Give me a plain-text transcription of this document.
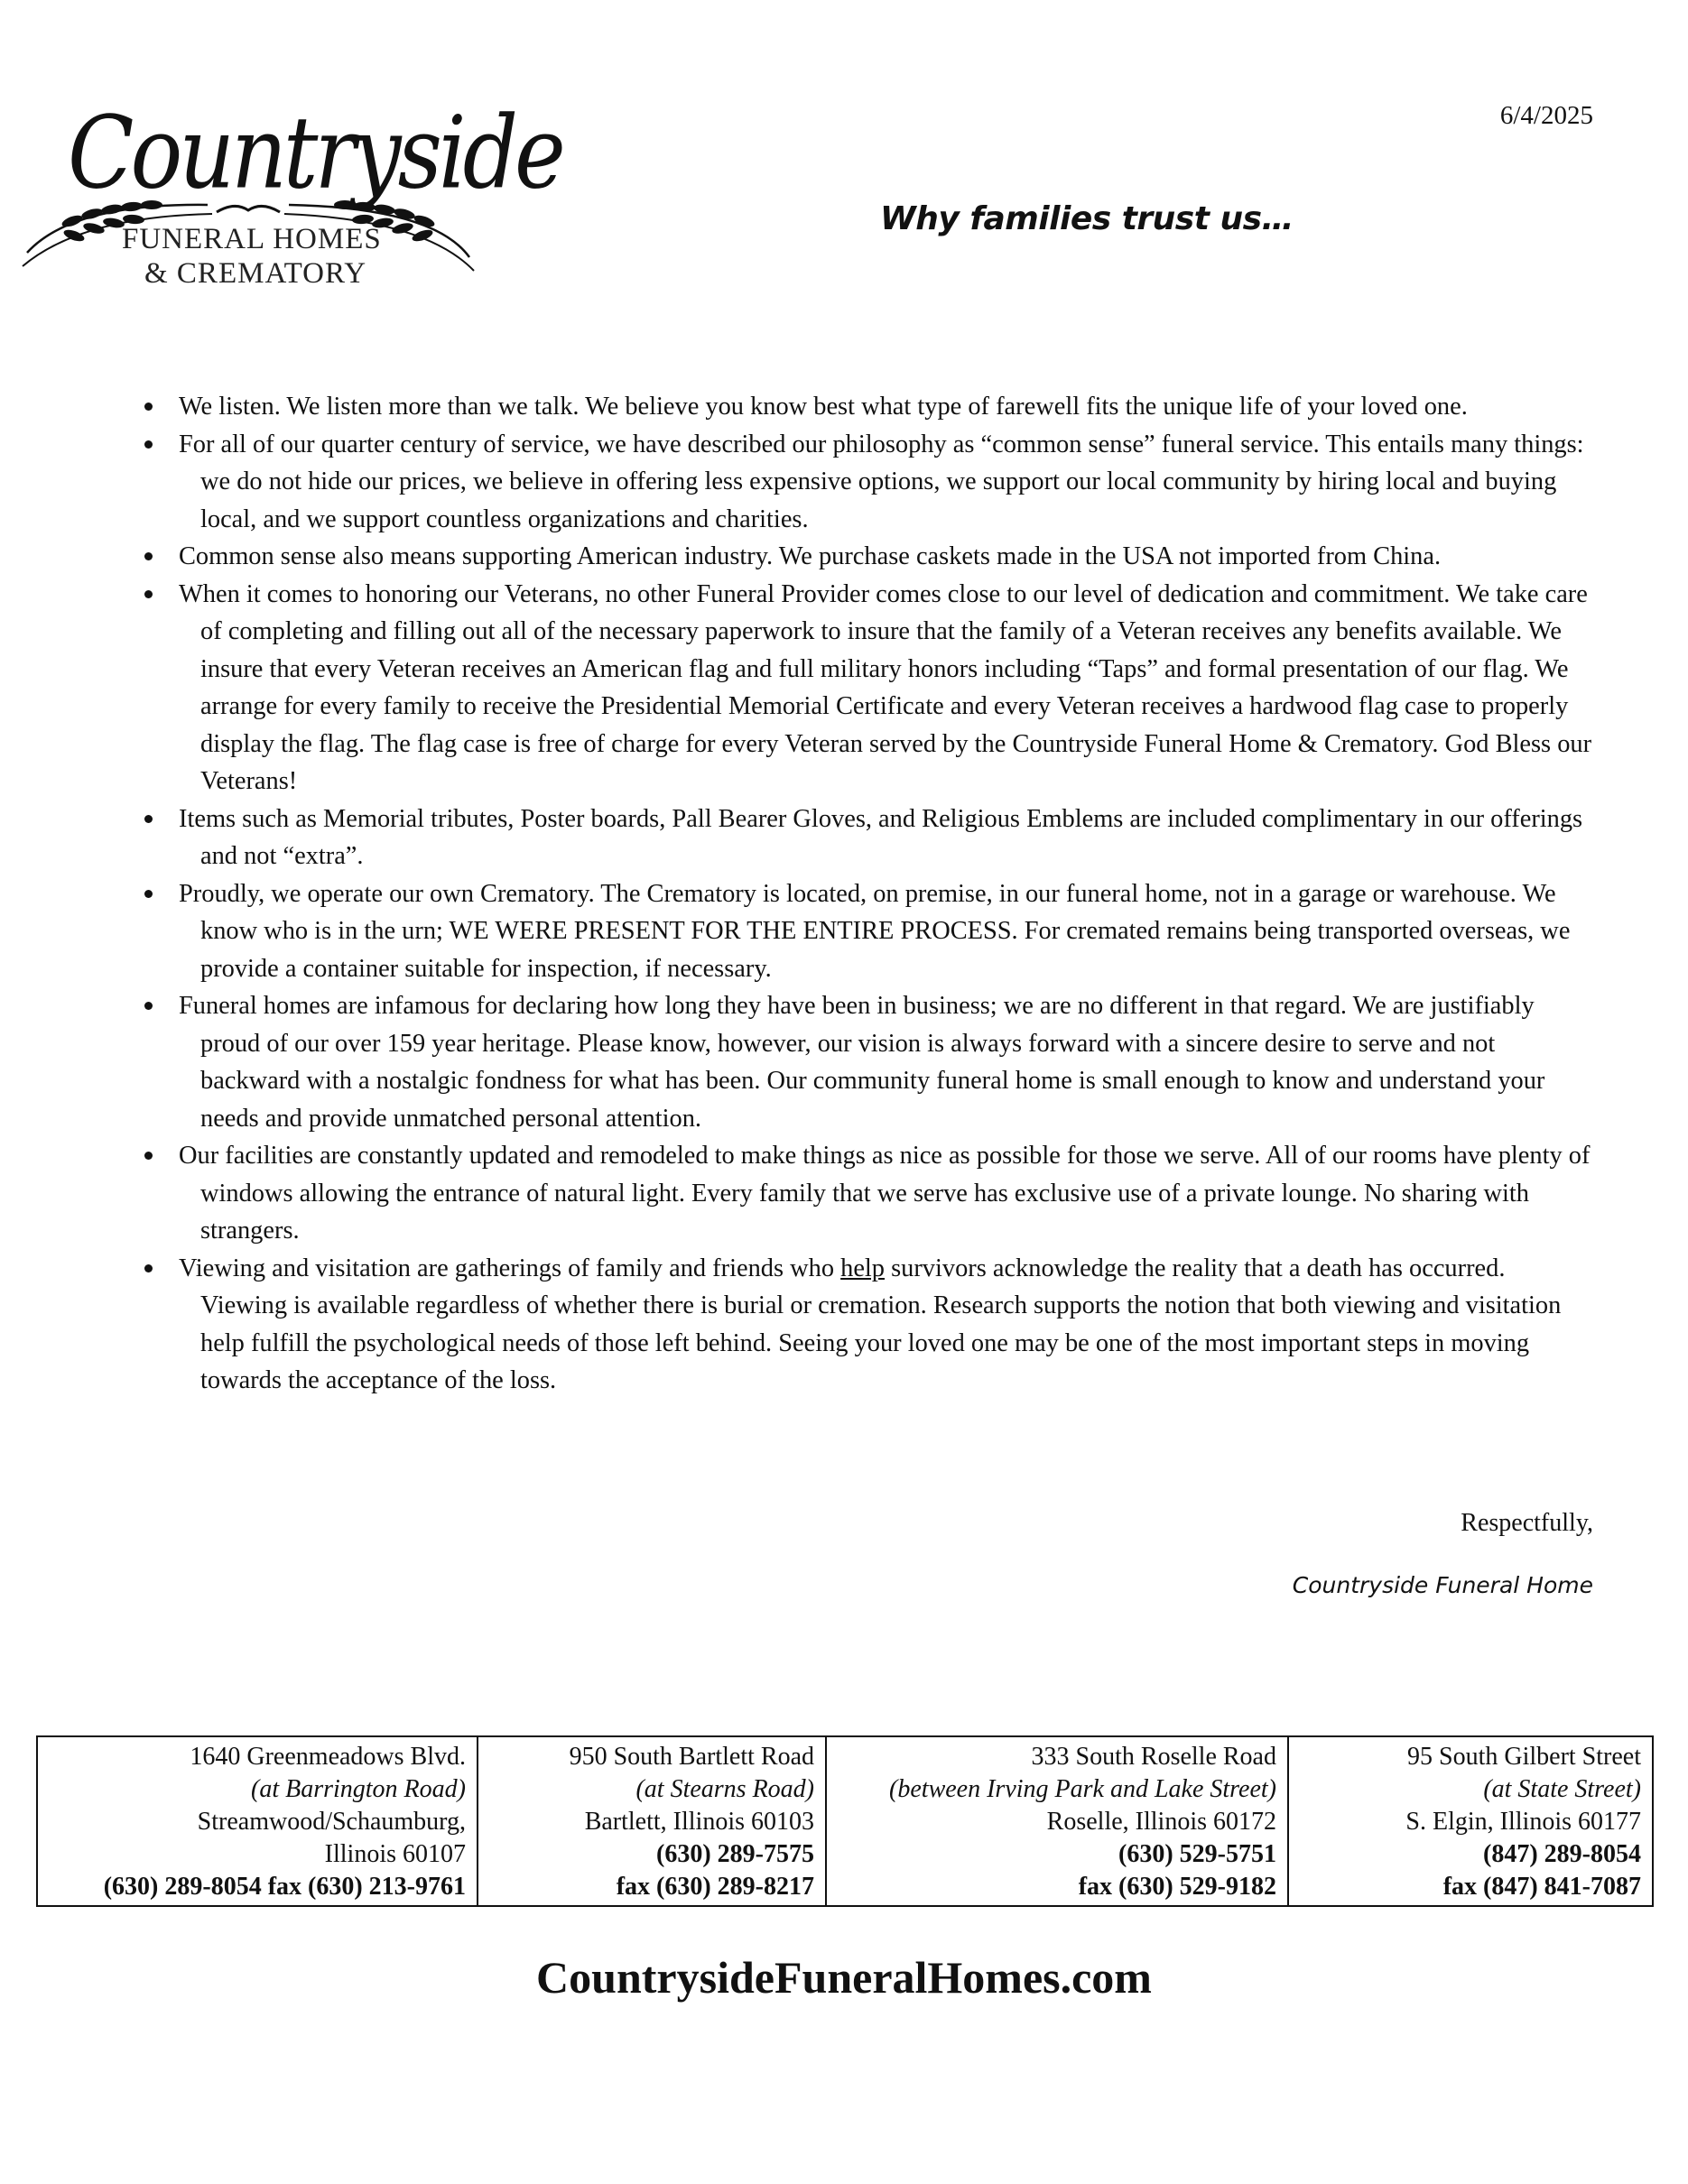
Countryside
FUNERAL HOMES
& CREMATORY
6/4/2025
Why families trust us…
We listen. We listen more than we talk. We believe you know best what type of farewell fits the unique life of your loved one.
For all of our quarter century of service, we have described our philosophy as “common sense” funeral service. This entails many things: we do not hide our prices, we believe in offering less expensive options, we support our local community by hiring local and buying local, and we support countless organizations and charities.
Common sense also means supporting American industry. We purchase caskets made in the USA not imported from China.
When it comes to honoring our Veterans, no other Funeral Provider comes close to our level of dedication and commitment. We take care of completing and filling out all of the necessary paperwork to insure that the family of a Veteran receives any benefits available. We insure that every Veteran receives an American flag and full military honors including “Taps” and formal presentation of our flag. We arrange for every family to receive the Presidential Memorial Certificate and every Veteran receives a hardwood flag case to properly display the flag. The flag case is free of charge for every Veteran served by the Countryside Funeral Home & Crematory. God Bless our Veterans!
Items such as Memorial tributes, Poster boards, Pall Bearer Gloves, and Religious Emblems are included complimentary in our offerings and not “extra”.
Proudly, we operate our own Crematory. The Crematory is located, on premise, in our funeral home, not in a garage or warehouse. We know who is in the urn; WE WERE PRESENT FOR THE ENTIRE PROCESS. For cremated remains being transported overseas, we provide a container suitable for inspection, if necessary.
Funeral homes are infamous for declaring how long they have been in business; we are no different in that regard. We are justifiably proud of our over 159 year heritage. Please know, however, our vision is always forward with a sincere desire to serve and not backward with a nostalgic fondness for what has been. Our community funeral home is small enough to know and understand your needs and provide unmatched personal attention.
Our facilities are constantly updated and remodeled to make things as nice as possible for those we serve. All of our rooms have plenty of windows allowing the entrance of natural light. Every family that we serve has exclusive use of a private lounge. No sharing with strangers.
Viewing and visitation are gatherings of family and friends who help survivors acknowledge the reality that a death has occurred. Viewing is available regardless of whether there is burial or cremation. Research supports the notion that both viewing and visitation help fulfill the psychological needs of those left behind. Seeing your loved one may be one of the most important steps in moving towards the acceptance of the loss.
Respectfully,
Countryside Funeral Home
1640 Greenmeadows Blvd.
(at Barrington Road)
Streamwood/Schaumburg,
Illinois 60107
(630) 289-8054 fax (630) 213-9761
950 South Bartlett Road
(at Stearns Road)
Bartlett, Illinois 60103
(630) 289-7575
fax (630) 289-8217
333 South Roselle Road
(between Irving Park and Lake Street)
Roselle, Illinois 60172
(630) 529-5751
fax (630) 529-9182
95 South Gilbert Street
(at State Street)
S. Elgin, Illinois 60177
(847) 289-8054
fax (847) 841-7087
CountrysideFuneralHomes.com
